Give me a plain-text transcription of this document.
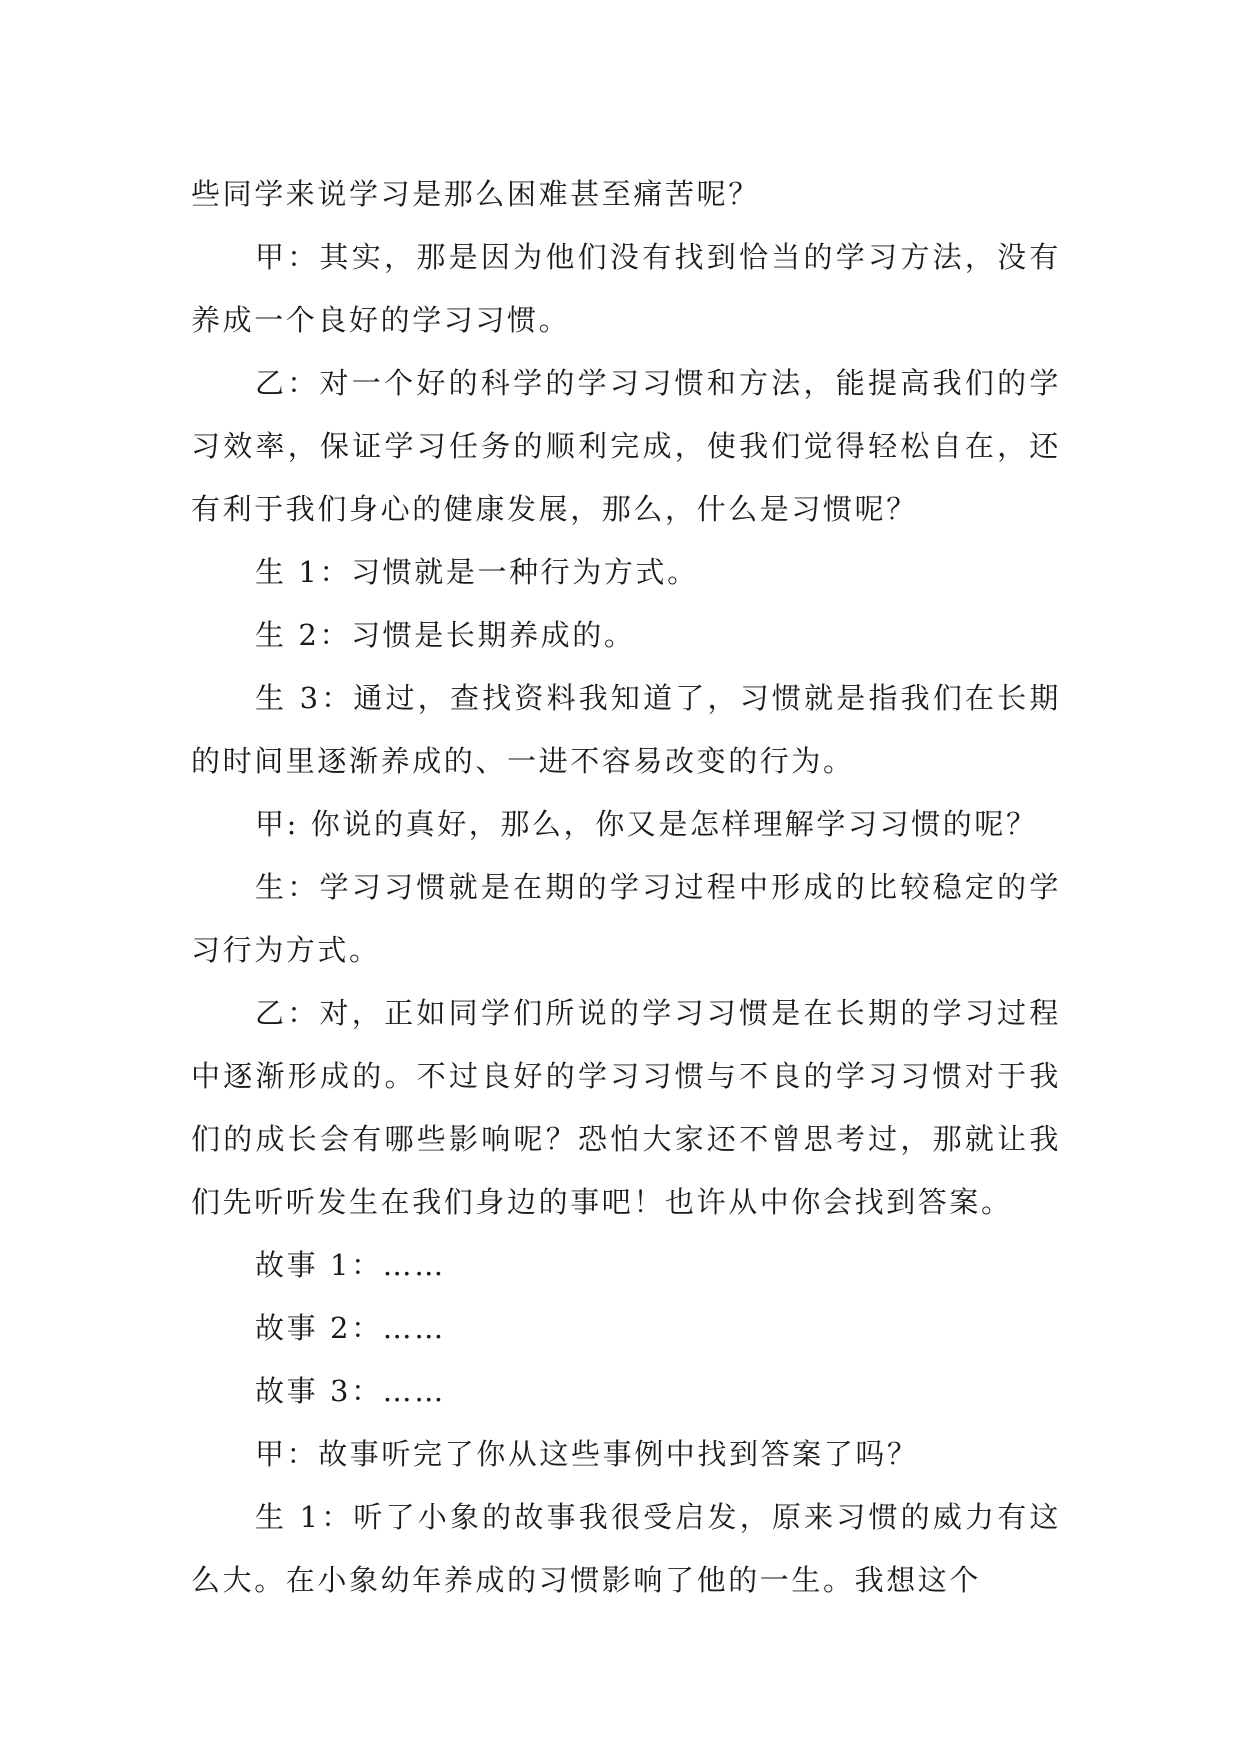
些同学来说学习是那么困难甚至痛苦呢？

甲：其实，那是因为他们没有找到恰当的学习方法，没有养成一个良好的学习习惯。

乙：对一个好的科学的学习习惯和方法，能提高我们的学习效率，保证学习任务的顺利完成，使我们觉得轻松自在，还有利于我们身心的健康发展，那么，什么是习惯呢？

生 1：习惯就是一种行为方式。

生 2：习惯是长期养成的。

生 3：通过，查找资料我知道了，习惯就是指我们在长期的时间里逐渐养成的、一进不容易改变的行为。

甲: 你说的真好，那么，你又是怎样理解学习习惯的呢？

生：学习习惯就是在期的学习过程中形成的比较稳定的学习行为方式。

乙：对，正如同学们所说的学习习惯是在长期的学习过程中逐渐形成的。不过良好的学习习惯与不良的学习习惯对于我们的成长会有哪些影响呢？恐怕大家还不曾思考过，那就让我们先听听发生在我们身边的事吧！也许从中你会找到答案。

故事 1：……

故事 2：……

故事 3：……

甲：故事听完了你从这些事例中找到答案了吗？

生 1：听了小象的故事我很受启发，原来习惯的威力有这么大。在小象幼年养成的习惯影响了他的一生。我想这个
